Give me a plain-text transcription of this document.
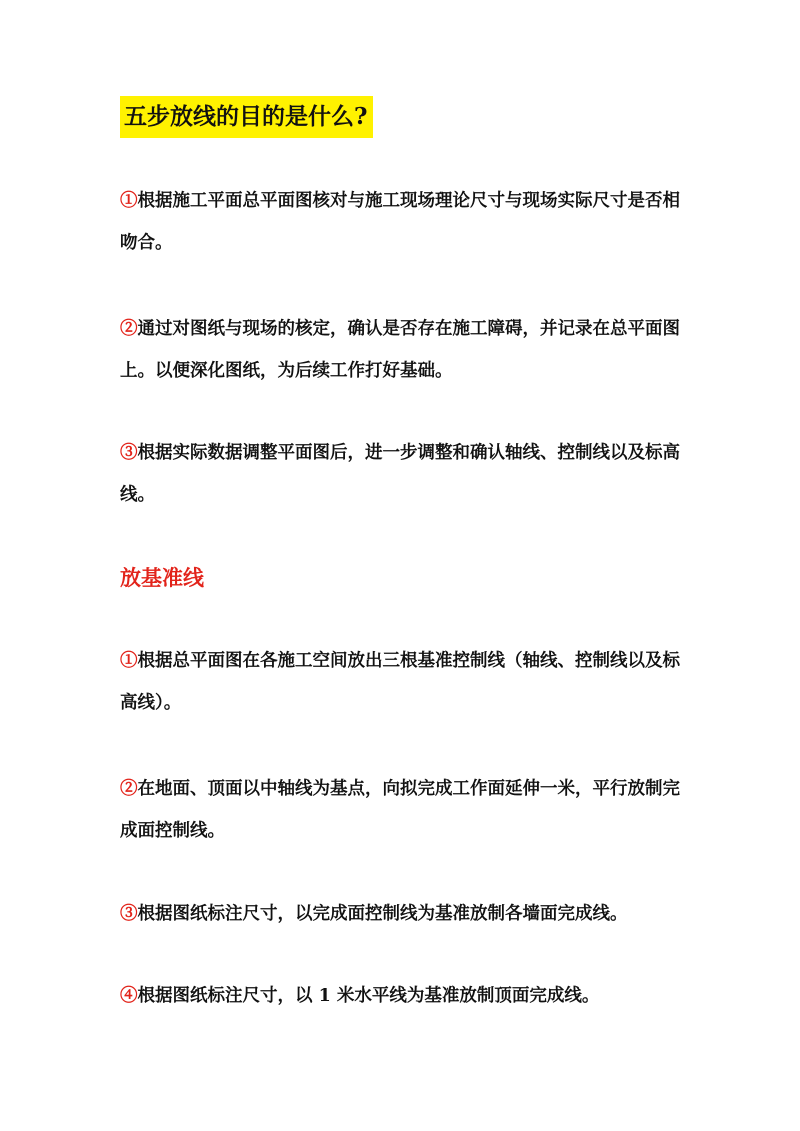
五步放线的目的是什么?
①根据施工平面总平面图核对与施工现场理论尺寸与现场实际尺寸是否相吻合。
②通过对图纸与现场的核定，确认是否存在施工障碍，并记录在总平面图上。以便深化图纸，为后续工作打好基础。
③根据实际数据调整平面图后，进一步调整和确认轴线、控制线以及标高线。
放基准线
①根据总平面图在各施工空间放出三根基准控制线（轴线、控制线以及标高线）。
②在地面、顶面以中轴线为基点，向拟完成工作面延伸一米，平行放制完成面控制线。
③根据图纸标注尺寸，以完成面控制线为基准放制各墙面完成线。
④根据图纸标注尺寸，以 1 米水平线为基准放制顶面完成线。
